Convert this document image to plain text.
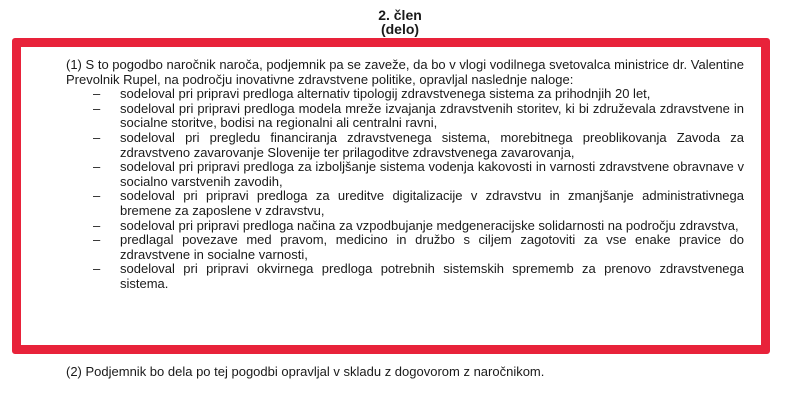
2. člen
(delo)
(1) S to pogodbo naročnik naroča, podjemnik pa se zaveže, da bo v vlogi vodilnega svetovalca ministrice dr. Valentine Prevolnik Rupel, na področju inovativne zdravstvene politike, opravljal naslednje naloge:
– sodeloval pri pripravi predloga alternativ tipologij zdravstvenega sistema za prihodnjih 20 let,
– sodeloval pri pripravi predloga modela mreže izvajanja zdravstvenih storitev, ki bi združevala zdravstvene in socialne storitve, bodisi na regionalni ali centralni ravni,
– sodeloval pri pregledu financiranja zdravstvenega sistema, morebitnega preoblikovanja Zavoda za zdravstveno zavarovanje Slovenije ter prilagoditve zdravstvenega zavarovanja,
– sodeloval pri pripravi predloga za izboljšanje sistema vodenja kakovosti in varnosti zdravstvene obravnave v socialno varstvenih zavodih,
– sodeloval pri pripravi predloga za ureditve digitalizacije v zdravstvu in zmanjšanje administrativnega bremene za zaposlene v zdravstvu,
– sodeloval pri pripravi predloga načina za vzpodbujanje medgeneracijske solidarnosti na področju zdravstva,
– predlagal povezave med pravom, medicino in družbo s ciljem zagotoviti za vse enake pravice do zdravstvene in socialne varnosti,
– sodeloval pri pripravi okvirnega predloga potrebnih sistemskih sprememb za prenovo zdravstvenega sistema.
(2) Podjemnik bo dela po tej pogodbi opravljal v skladu z dogovorom z naročnikom.
